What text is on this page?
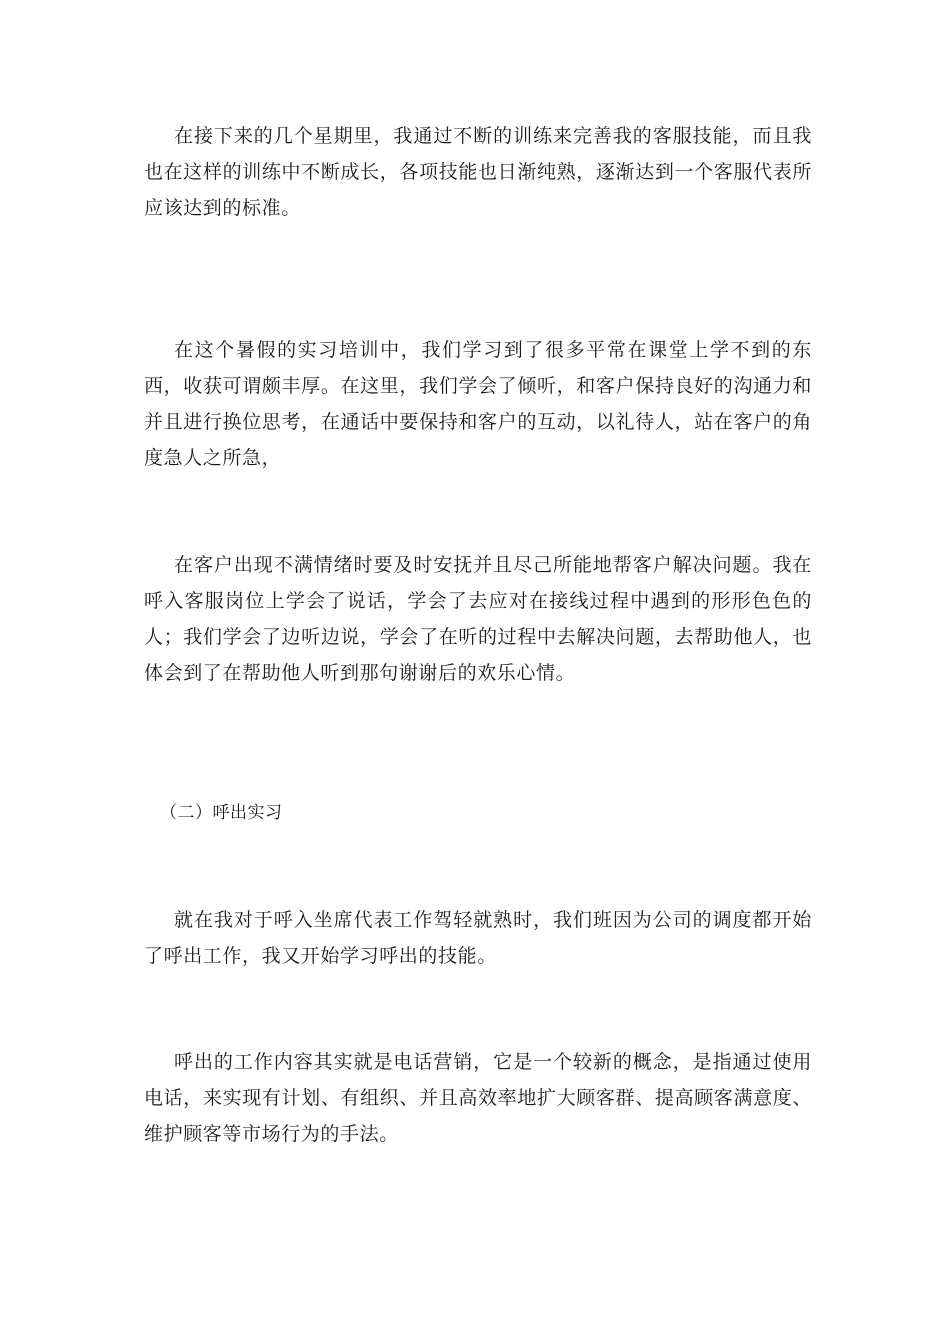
在接下来的几个星期里，我通过不断的训练来完善我的客服技能，而且我也在这样的训练中不断成长，各项技能也日渐纯熟，逐渐达到一个客服代表所应该达到的标准。

在这个暑假的实习培训中，我们学习到了很多平常在课堂上学不到的东西，收获可谓颇丰厚。在这里，我们学会了倾听，和客户保持良好的沟通力和并且进行换位思考，在通话中要保持和客户的互动，以礼待人，站在客户的角度急人之所急，

在客户出现不满情绪时要及时安抚并且尽己所能地帮客户解决问题。我在呼入客服岗位上学会了说话，学会了去应对在接线过程中遇到的形形色色的人；我们学会了边听边说，学会了在听的过程中去解决问题，去帮助他人，也体会到了在帮助他人听到那句谢谢后的欢乐心情。

（二）呼出实习

就在我对于呼入坐席代表工作驾轻就熟时，我们班因为公司的调度都开始了呼出工作，我又开始学习呼出的技能。

呼出的工作内容其实就是电话营销，它是一个较新的概念，是指通过使用电话，来实现有计划、有组织、并且高效率地扩大顾客群、提高顾客满意度、维护顾客等市场行为的手法。
